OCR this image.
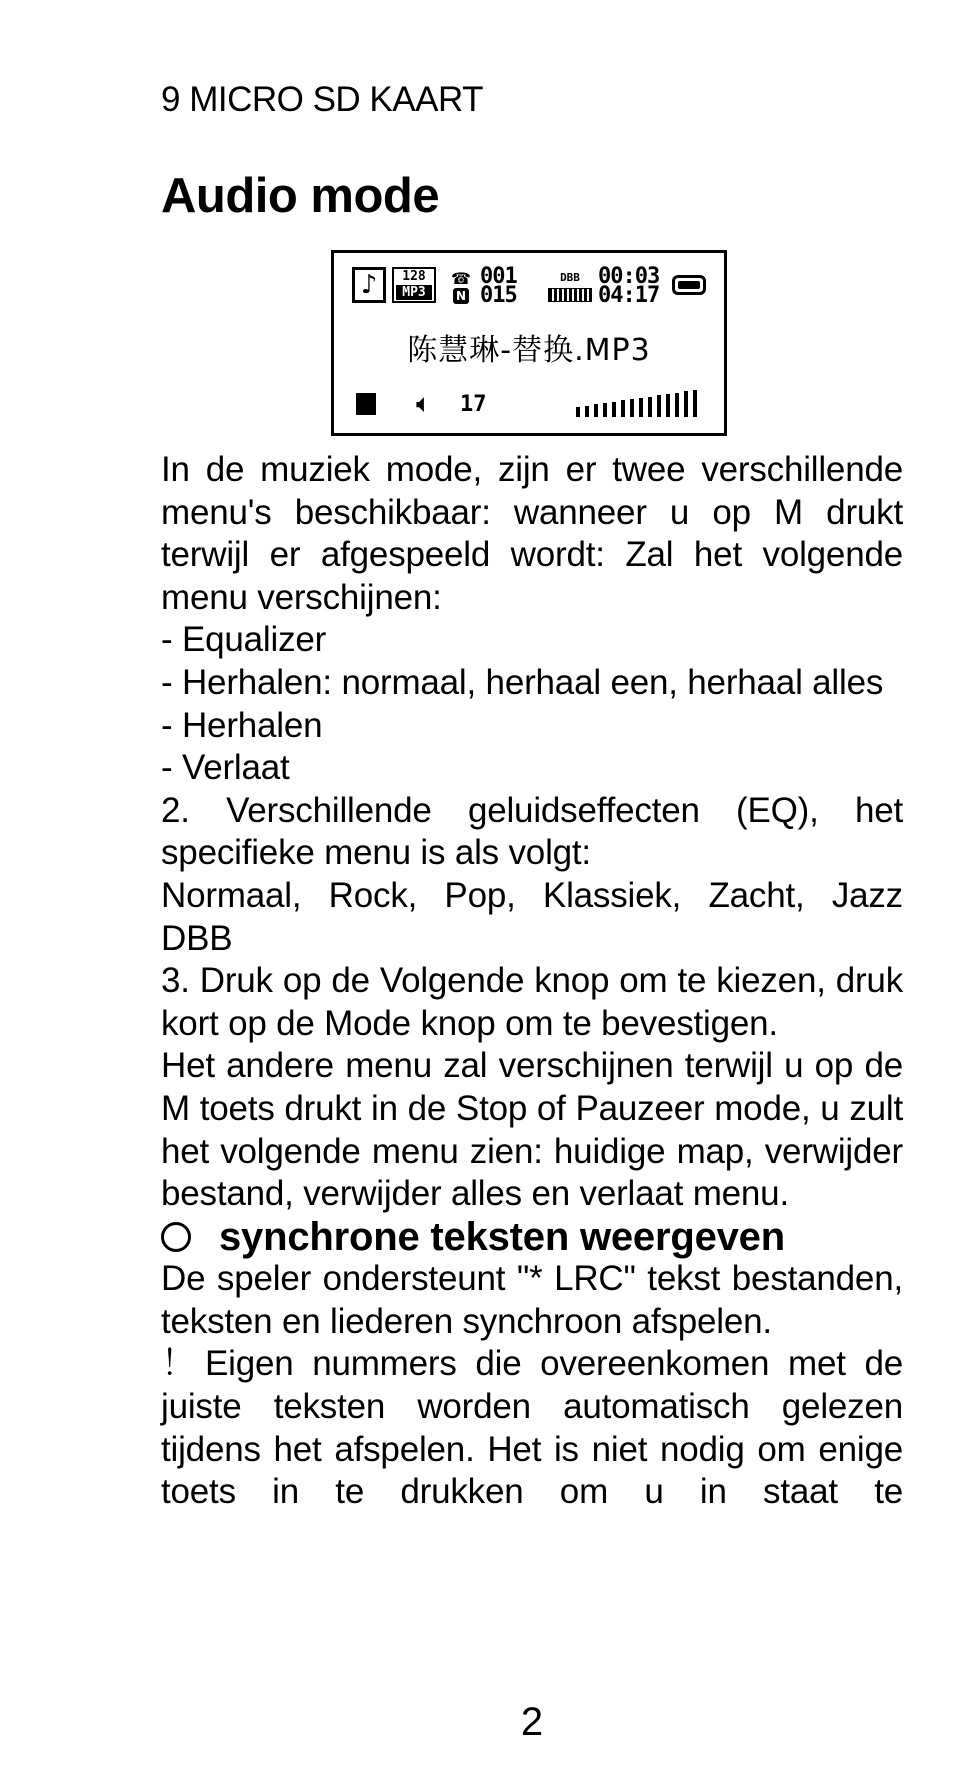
9 MICRO SD KAART
Audio mode
♪	128
MP3
☎
N
001
015
DBB 00:03
04:17
陈慧琳-替换.MP3
🔈︎ 17

In de muziek mode, zijn er twee verschillende menu's beschikbaar: wanneer u op M drukt terwijl er afgespeeld wordt: Zal het volgende menu verschijnen:

- Equalizer

- Herhalen: normaal, herhaal een, herhaal alles

- Herhalen

- Verlaat

2. Verschillende geluidseffecten (EQ), het specifieke menu is als volgt:

Normaal, Rock, Pop, Klassiek, Zacht, Jazz DBB

3. Druk op de Volgende knop om te kiezen, druk kort op de Mode knop om te bevestigen.

Het andere menu zal verschijnen terwijl u op de M toets drukt in de Stop of Pauzeer mode, u zult het volgende menu zien: huidige map, verwijder bestand, verwijder alles en verlaat menu.

synchrone teksten weergeven

De speler ondersteunt "* LRC" tekst bestanden, teksten en liederen synchroon afspelen.

！Eigen nummers die overeenkomen met de juiste teksten worden automatisch gelezen tijdens het afspelen. Het is niet nodig om enige toets in te drukken om u in staat te

2
